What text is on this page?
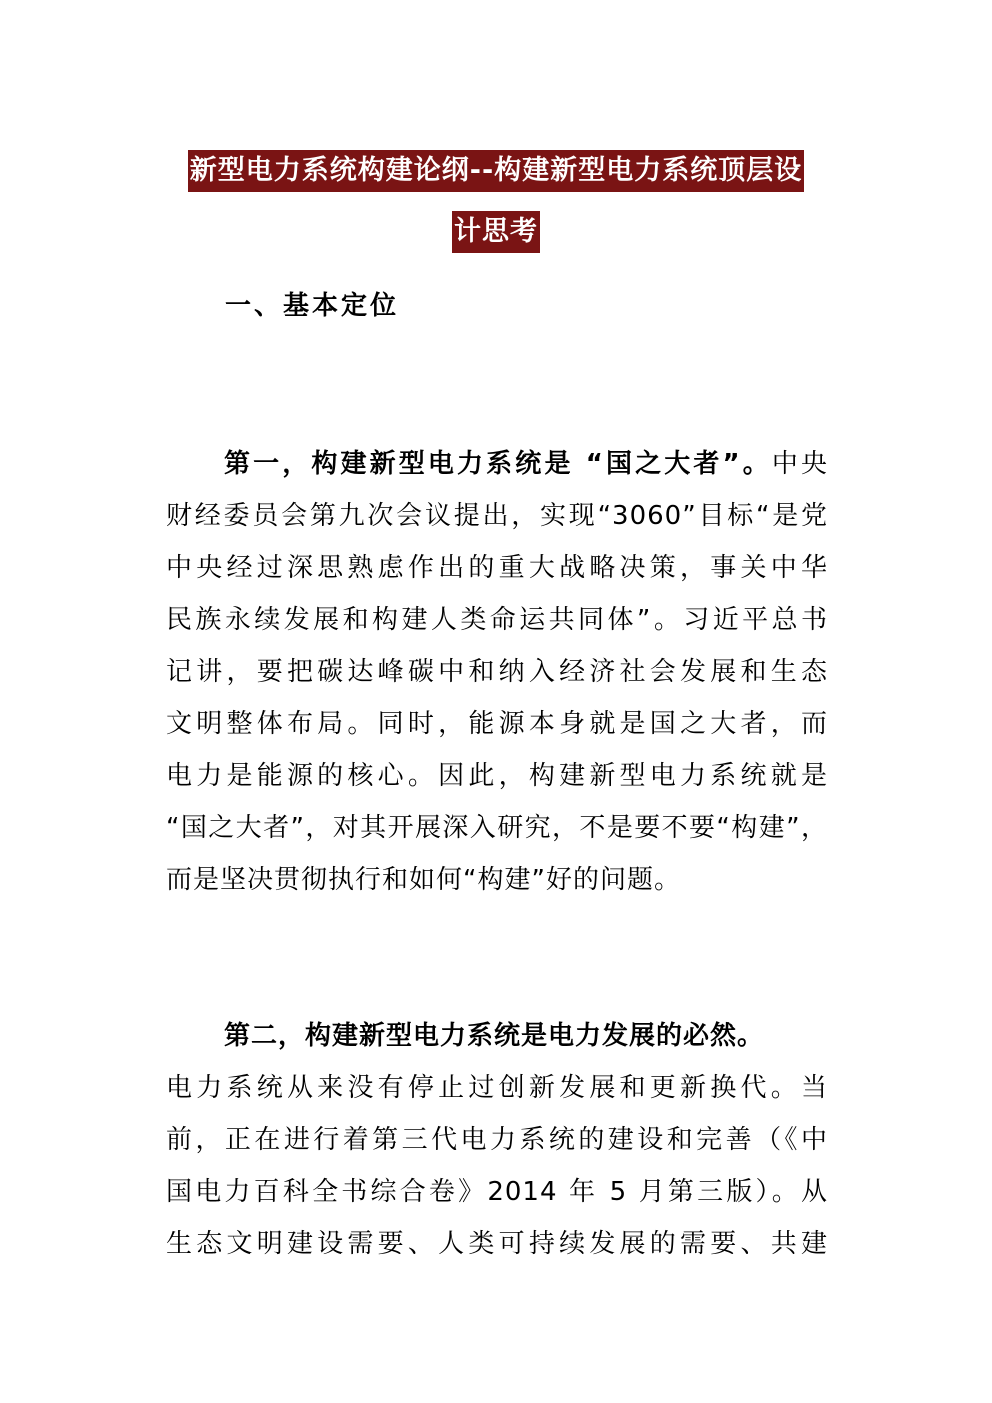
新型电力系统构建论纲--构建新型电力系统顶层设
计思考
一、基本定位
第一，构建新型电力系统是 “国之大者”。中央
财经委员会第九次会议提出，实现“3060”目标“是党
中央经过深思熟虑作出的重大战略决策，事关中华
民族永续发展和构建人类命运共同体”。习近平总书
记讲，要把碳达峰碳中和纳入经济社会发展和生态
文明整体布局。同时，能源本身就是国之大者，而
电力是能源的核心。因此，构建新型电力系统就是
“国之大者”，对其开展深入研究，不是要不要“构建”，
而是坚决贯彻执行和如何“构建”好的问题。
第二，构建新型电力系统是电力发展的必然。
电力系统从来没有停止过创新发展和更新换代。当
前，正在进行着第三代电力系统的建设和完善（《中
国电力百科全书综合卷》2014 年 5 月第三版）。从
生态文明建设需要、人类可持续发展的需要、共建
